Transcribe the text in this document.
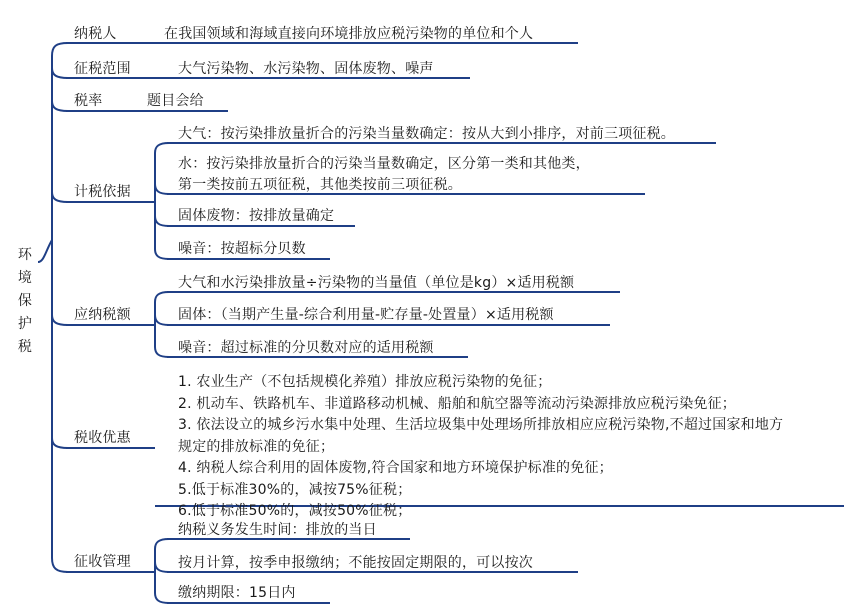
环境保护税
纳税人	在我国领域和海域直接向环境排放应税污染物的单位和个人
征税范围	大气污染物、水污染物、固体废物、噪声
税率	题目会给
计税依据
大气：按污染排放量折合的污染当量数确定：按从大到小排序，对前三项征税。
水：按污染排放量折合的污染当量数确定，区分第一类和其他类，
第一类按前五项征税，其他类按前三项征税。
固体废物：按排放量确定
噪音：按超标分贝数
应纳税额
大气和水污染排放量÷污染物的当量值（单位是kg）×适用税额
固体：（当期产生量-综合利用量-贮存量-处置量）×适用税额
噪音：超过标准的分贝数对应的适用税额
税收优惠
1. 农业生产（不包括规模化养殖）排放应税污染物的免征；
2. 机动车、铁路机车、非道路移动机械、船舶和航空器等流动污染源排放应税污染免征；
3. 依法设立的城乡污水集中处理、生活垃圾集中处理场所排放相应应税污染物,不超过国家和地方
规定的排放标准的免征；
4. 纳税人综合利用的固体废物,符合国家和地方环境保护标准的免征；
5.低于标准30%的，减按75%征税；
6.低于标准50%的，减按50%征税；
征收管理
纳税义务发生时间：排放的当日
按月计算，按季申报缴纳；不能按固定期限的，可以按次
缴纳期限：15日内
